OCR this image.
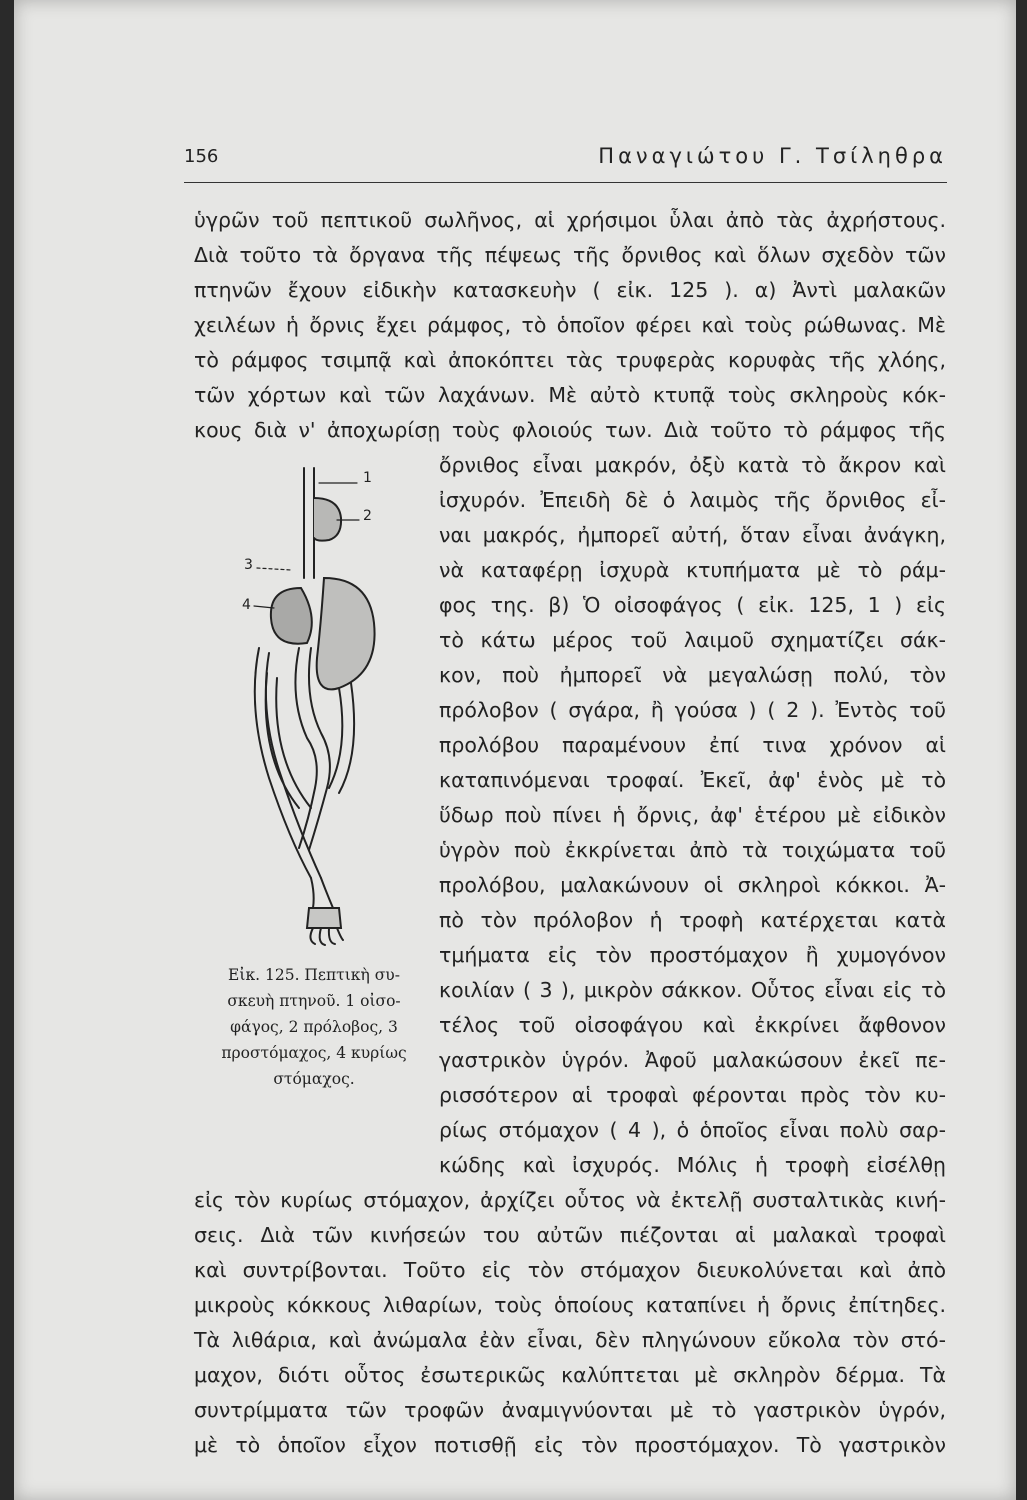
156	Παναγιώτου Γ. Τσίληθρα
ὑγρῶν τοῦ πεπτικοῦ σωλῆνος, αἱ χρήσιμοι ὗλαι ἀπὸ τὰς ἀχρήστους.
Διὰ τοῦτο τὰ ὄργανα τῆς πέψεως τῆς ὄρνιθος καὶ ὅλων σχεδὸν τῶν
πτηνῶν ἔχουν εἰδικὴν κατασκευὴν ( εἰκ. 125 ). α) Ἀντὶ μαλακῶν
χειλέων ἡ ὄρνις ἔχει ράμφος, τὸ ὁποῖον φέρει καὶ τοὺς ρώθωνας. Μὲ
τὸ ράμφος τσιμπᾷ καὶ ἀποκόπτει τὰς τρυφερὰς κορυφὰς τῆς χλόης,
τῶν χόρτων καὶ τῶν λαχάνων. Μὲ αὐτὸ κτυπᾷ τοὺς σκληροὺς κόκ-
κους διὰ ν' ἀποχωρίσῃ τοὺς φλοιούς των. Διὰ τοῦτο τὸ ράμφος τῆς
ὄρνιθος εἶναι μακρόν, ὀξὺ κατὰ τὸ ἄκρον καὶ
ἰσχυρόν. Ἐπειδὴ δὲ ὁ λαιμὸς τῆς ὄρνιθος εἶ-
ναι μακρός, ἠμπορεῖ αὐτή, ὅταν εἶναι ἀνάγκη,
νὰ καταφέρῃ ἰσχυρὰ κτυπήματα μὲ τὸ ράμ-
φος της. β) Ὁ οἰσοφάγος ( εἰκ. 125, 1 ) εἰς
τὸ κάτω μέρος τοῦ λαιμοῦ σχηματίζει σάκ-
κον, ποὺ ἠμπορεῖ νὰ μεγαλώσῃ πολύ, τὸν
πρόλοβον ( σγάρα, ἢ γούσα ) ( 2 ). Ἐντὸς τοῦ
προλόβου παραμένουν ἐπί τινα χρόνον αἱ
καταπινόμεναι τροφαί. Ἐκεῖ, ἀφ' ἑνὸς μὲ τὸ
ὕδωρ ποὺ πίνει ἡ ὄρνις, ἀφ' ἑτέρου μὲ εἰδικὸν
ὑγρὸν ποὺ ἐκκρίνεται ἀπὸ τὰ τοιχώματα τοῦ
προλόβου, μαλακώνουν οἱ σκληροὶ κόκκοι. Ἀ-
πὸ τὸν πρόλοβον ἡ τροφὴ κατέρχεται κατὰ
τμήματα εἰς τὸν προστόμαχον ἢ χυμογόνον
κοιλίαν ( 3 ), μικρὸν σάκκον. Οὗτος εἶναι εἰς τὸ
τέλος τοῦ οἰσοφάγου καὶ ἐκκρίνει ἄφθονον
γαστρικὸν ὑγρόν. Ἀφοῦ μαλακώσουν ἐκεῖ πε-
ρισσότερον αἱ τροφαὶ φέρονται πρὸς τὸν κυ-
ρίως στόμαχον ( 4 ), ὁ ὁποῖος εἶναι πολὺ σαρ-
κώδης καὶ ἰσχυρός. Μόλις ἡ τροφὴ εἰσέλθῃ
εἰς τὸν κυρίως στόμαχον, ἀρχίζει οὗτος νὰ ἐκτελῇ συσταλτικὰς κινή-
σεις. Διὰ τῶν κινήσεών του αὐτῶν πιέζονται αἱ μαλακαὶ τροφαὶ
καὶ συντρίβονται. Τοῦτο εἰς τὸν στόμαχον διευκολύνεται καὶ ἀπὸ
μικροὺς κόκκους λιθαρίων, τοὺς ὁποίους καταπίνει ἡ ὄρνις ἐπίτηδες.
Τὰ λιθάρια, καὶ ἀνώμαλα ἐὰν εἶναι, δὲν πληγώνουν εὔκολα τὸν στό-
μαχον, διότι οὗτος ἐσωτερικῶς καλύπτεται μὲ σκληρὸν δέρμα. Τὰ
συντρίμματα τῶν τροφῶν ἀναμιγνύονται μὲ τὸ γαστρικὸν ὑγρόν,
μὲ τὸ ὁποῖον εἶχον ποτισθῇ εἰς τὸν προστόμαχον. Τὸ γαστρικὸν
1
2
3
4
Εἰκ. 125. Πεπτικὴ συ-
σκευὴ πτηνοῦ. 1 οἰσο-
φάγος, 2 πρόλοβος, 3
προστόμαχος, 4 κυρίως
στόμαχος.
